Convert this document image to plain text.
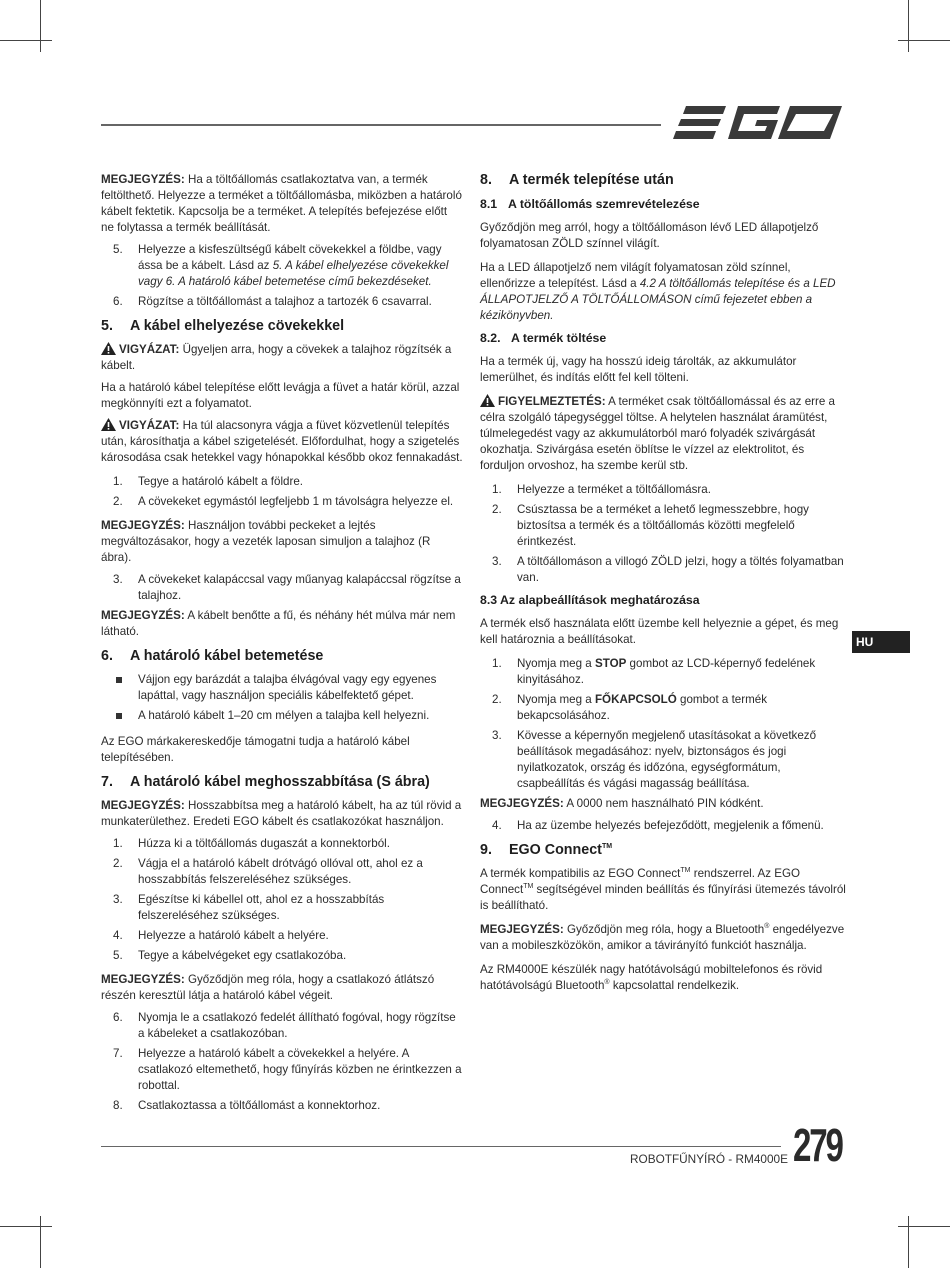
MEGJEGYZÉS: Ha a töltőállomás csatlakoztatva van, a termék feltölthető. Helyezze a terméket a töltőállomásba, miközben a határoló kábelt fektetik. Kapcsolja be a terméket. A telepítés befejezése előtt ne folytassa a termék beállítását.

5. Helyezze a kisfeszültségű kábelt cövekekkel a földbe, vagy ássa be a kábelt. Lásd az 5. A kábel elhelyezése cövekekkel vagy 6. A határoló kábel betemetése című bekezdéseket.
6. Rögzítse a töltőállomást a talajhoz a tartozék 6 csavarral.
5. A kábel elhelyezése cövekekkel

VIGYÁZAT: Ügyeljen arra, hogy a cövekek a talajhoz rögzítsék a kábelt.

Ha a határoló kábel telepítése előtt levágja a füvet a határ körül, azzal megkönnyíti ezt a folyamatot.

VIGYÁZAT: Ha túl alacsonyra vágja a füvet közvetlenül telepítés után, károsíthatja a kábel szigetelését. Előfordulhat, hogy a szigetelés károsodása csak hetekkel vagy hónapokkal később okoz fennakadást.

1. Tegye a határoló kábelt a földre.
2. A cövekeket egymástól legfeljebb 1 m távolságra helyezze el.

MEGJEGYZÉS: Használjon további peckeket a lejtés megváltozásakor, hogy a vezeték laposan simuljon a talajhoz (R ábra).

3. A cövekeket kalapáccsal vagy műanyag kalapáccsal rögzítse a talajhoz.

MEGJEGYZÉS: A kábelt benőtte a fű, és néhány hét múlva már nem látható.

6. A határoló kábel betemetése
Vájjon egy barázdát a talajba élvágóval vagy egy egyenes lapáttal, vagy használjon speciális kábelfektető gépet.
A határoló kábelt 1–20 cm mélyen a talajba kell helyezni.

Az EGO márkakereskedője támogatni tudja a határoló kábel telepítésében.

7. A határoló kábel meghosszabbítása (S ábra)

MEGJEGYZÉS: Hosszabbítsa meg a határoló kábelt, ha az túl rövid a munkaterülethez. Eredeti EGO kábelt és csatlakozókat használjon.

1. Húzza ki a töltőállomás dugaszát a konnektorból.
2. Vágja el a határoló kábelt drótvágó ollóval ott, ahol ez a hosszabbítás felszereléséhez szükséges.
3. Egészítse ki kábellel ott, ahol ez a hosszabbítás felszereléséhez szükséges.
4. Helyezze a határoló kábelt a helyére.
5. Tegye a kábelvégeket egy csatlakozóba.

MEGJEGYZÉS: Győződjön meg róla, hogy a csatlakozó átlátszó részén keresztül látja a határoló kábel végeit.

6. Nyomja le a csatlakozó fedelét állítható fogóval, hogy rögzítse a kábeleket a csatlakozóban.
7. Helyezze a határoló kábelt a cövekekkel a helyére. A csatlakozó eltemethető, hogy fűnyírás közben ne érintkezzen a robottal.
8. Csatlakoztassa a töltőállomást a konnektorhoz.
8. A termék telepítése után
8.1 A töltőállomás szemrevételezése

Győződjön meg arról, hogy a töltőállomáson lévő LED állapotjelző folyamatosan ZÖLD színnel világít.

Ha a LED állapotjelző nem világít folyamatosan zöld színnel, ellenőrizze a telepítést. Lásd a 4.2 A töltőállomás telepítése és a LED ÁLLAPOTJELZŐ A TÖLTŐÁLLOMÁSON című fejezetet ebben a kézikönyvben.

8.2. A termék töltése

Ha a termék új, vagy ha hosszú ideig tárolták, az akkumulátor lemerülhet, és indítás előtt fel kell tölteni.

FIGYELMEZTETÉS: A terméket csak töltőállomással és az erre a célra szolgáló tápegységgel töltse. A helytelen használat áramütést, túlmelegedést vagy az akkumulátorból maró folyadék szivárgását okozhatja. Szivárgása esetén öblítse le vízzel az elektrolitot, és forduljon orvoshoz, ha szembe kerül stb.

1. Helyezze a terméket a töltőállomásra.
2. Csúsztassa be a terméket a lehető legmesszebbre, hogy biztosítsa a termék és a töltőállomás közötti megfelelő érintkezést.
3. A töltőállomáson a villogó ZÖLD jelzi, hogy a töltés folyamatban van.
8.3 Az alapbeállítások meghatározása

A termék első használata előtt üzembe kell helyeznie a gépet, és meg kell határoznia a beállításokat.

1. Nyomja meg a STOP gombot az LCD-képernyő fedelének kinyitásához.
2. Nyomja meg a FŐKAPCSOLÓ gombot a termék bekapcsolásához.
3. Kövesse a képernyőn megjelenő utasításokat a következő beállítások megadásához: nyelv, biztonságos és jogi nyilatkozatok, ország és időzóna, egységformátum, csapbeállítás és vágási magasság beállítása.

MEGJEGYZÉS: A 0000 nem használható PIN kódként.

4. Ha az üzembe helyezés befejeződött, megjelenik a főmenü.
9. EGO Connect™

A termék kompatibilis az EGO Connect™ rendszerrel. Az EGO Connect™ segítségével minden beállítás és fűnyírási ütemezés távolról is beállítható.

MEGJEGYZÉS: Győződjön meg róla, hogy a Bluetooth® engedélyezve van a mobileszközökön, amikor a távirányító funkciót használja.

Az RM4000E készülék nagy hatótávolságú mobiltelefonos és rövid hatótávolságú Bluetooth® kapcsolattal rendelkezik.

HU
ROBOTFŰNYÍRÓ - RM4000E 279
